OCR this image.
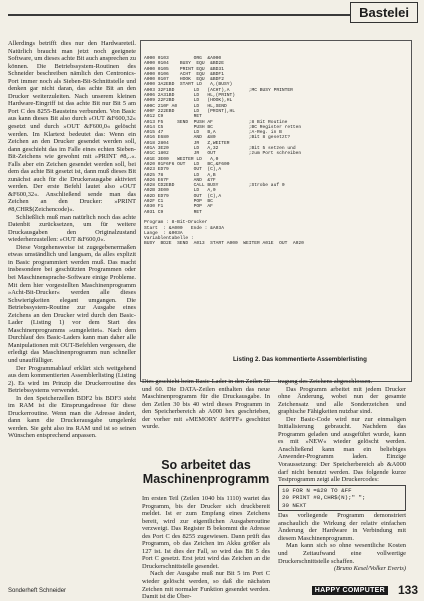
Bastelei

Allerdings betrifft dies nur den Hardwareteil. Natürlich braucht man jetzt noch geeignete Software, um dieses achte Bit auch ansprechen zu können. Die Betriebssystem-Routinen des Schneider beschreiben nämlich den Centronics-Port immer noch als Sieben-Bit-Schnittstelle und denken gar nicht daran, das achte Bit an den Drucker weiterzuleiten. Nach unserem kleinen Hardware-Eingriff ist das achte Bit nur Bit 5 am Port C des 8255-Bausteins verbunden. Von Basic aus kann dieses Bit also durch »OUT &F600,32« gesetzt und durch »OUT &F600,0« gelöscht werden. Im Klartext bedeutet das: Wenn ein Zeichen an den Drucker gesendet werden soll, dann geschieht das im Falle eines echten Sieben-Bit-Zeichens wie gewohnt mit »PRINT #8,..«. Falls aber ein Zeichen gesendet werden soll, bei dem das achte Bit gesetzt ist, dann muß dieses Bit zunächst auch für die Druckerausgabe aktiviert werden. Der erste Befehl lautet also »OUT &F600,32«. Anschließend sende man das Zeichen an den Drucker: »PRINT #8,CHR$(Zeichencode)«.

Schließlich muß man natürlich noch das achte Datenbit zurücksetzen, um für weitere Druckausgaben den Originalzustand wiederherzustellen: »OUT &F600,0«.

Diese Vorgehensweise ist zugegebenermaßen etwas umständlich und langsam, da alles explizit in Basic programmiert werden muß. Das macht insbesondere bei geschützten Programmen oder bei Maschinensprache-Software einige Probleme. Mit dem hier vorgestellten Maschinenprogramm »Acht-Bit-Drucker« werden alle dieses Schwierigkeiten elegant umgangen. Die Betriebssystem-Routine zur Ausgabe eines Zeichens an den Drucker wird durch den Basic-Lader (Listing 1) vor dem Start des Maschinenprogramms »umgeleitet«. Nach dem Durchlauf des Basic-Laders kann man daher alle Manipulationen mit OUT-Befehlen vergessen, die erledigt das Maschinenprogramm nun schneller und unauffälliger.

Der Programmablauf erklärt sich weitgehend aus dem kommentierten Assemblerlisting (Listing 2). Es wird im Prinzip die Druckerroutine des Betriebssystems verwendet.

In den Speicherzellen BDF2 bis BDF3 steht im RAM ist die Einsprungadresse für diese Druckerroutine. Wenn man die Adresse ändert, dann kann die Druckerausgabe umgelenkt werden. Sie geht also ins RAM und ist so seinen Wünschen entsprechend anpassen.

A000 0103         ORG  &A000
A000 0104    BUSY  EQU  &BD2E
A000 0105    PRINT EQU  &BD31
A000 0106    ACHT  EQU  &BDF1
A000 0107    HOOK  EQU  &BDF2
A000 3A2EBD  START LD   A,(BUSY)
A003 32F1BD       LD   (ACHT),A       ;MC BUSY PRINTER
A006 2A31BD       LD   HL,(PRINT)
A009 22F2BD       LD   (HOOK),HL
A00C 210F A0      LD   HL,SEND
A00F 222EBD       LD   (PRINT),HL
A012 C9           RET
A013 F5     SEND  PUSH AF             ;8 Bit Routine
A014 C5           PUSH BC             ;BC Register retten
A015 47           LD   B,A            ;A-Reg. in B
A016 E680         AND  &80            ;Bit 8 gesetzt?
A018 2804         JR   Z,WEITER
A01A 3E20         LD   A,32           ;Bit 5 setzen und
A01C 1802         JR   OUT            ;zum Port schreiben
A01E 3E00   WEITER LD   A,0
A020 01F6F6 OUT   LD   BC,&F600
A023 ED79         OUT  (C),A
A025 78           LD   A,B
A026 E67F         AND  &7F
A028 CD2EBD       CALL BUSY           ;Strobe auf 0
A02B 3E00         LD   A,0
A02D ED79         OUT  (C),A
A02F C1           POP  BC
A030 F1           POP  AF
A031 C9           RET

Program : 8-Bit-Drucker
Start  : &A000   Ende : &A03A
Lange  : &003A
Variablentabelle :
BUSY  BD2E  SEND  A013  START A000  WEITER A01E  OUT  A020
Listing 2. Das kommentierte Assemblerlisting

Dies geschieht beim Basic-Lader in den Zeilen 50 und 60. Die DATA-Zeilen enthalten das neue Maschinenprogramm für die Druckausgabe. In den Zeilen 30 bis 40 wird dieses Programm in den Speicherbereich ab A000 hex geschrieben, der vorher mit »MEMORY &9FFF« geschützt wurde.

So arbeitet das Maschinenprogramm

Im ersten Teil (Zeilen 1040 bis 1110) wartet das Programm, bis der Drucker sich druckbereit meldet. Ist er zum Empfang eines Zeichens bereit, wird zur eigentlichen Ausgaberoutine verzweigt. Das Register B bekommt die Adresse des Port C des 8255 zugewiesen. Dann prüft das Programm, ob das Zeichen im Akku größer als 127 ist. Ist dies der Fall, so wird das Bit 5 des Port C gesetzt. Erst jetzt wird das Zeichen an die Druckerschnittstelle gesendet.

Nach der Ausgabe muß nur Bit 5 im Port C wieder gelöscht werden, so daß die nächsten Zeichen mit normaler Funktion gesendet werden. Damit ist die Über-

tragung des Zeichens abgeschlossen.

Das Programm arbeitet mit jedem Drucker ohne Änderung, wobei nun der gesamte Zeichensatz und alle Sonderzeichen und graphische Fähigkeiten nutzbar sind.

Der Basic-Code wird nur zur einmaligen Initialisierung gebraucht. Nachdem das Programm geladen und ausgeführt wurde, kann es mit »NEW« wieder gelöscht werden. Anschließend kann man ein beliebiges Anwender-Programm laden. Einzige Voraussetzung: Der Speicherbereich ab &A000 darf nicht benutzt werden. Das folgende kurze Testprogramm zeigt alle Druckercodes:

10 FOR N =&20 TO &FF
20 PRINT #8,CHR$(N);" ";
30 NEXT

Das vorliegende Programm demonstriert anschaulich die Wirkung der relativ einfachen Änderung der Hardware in Verbindung mit diesem Maschinenprogramm.

Man kann sich so ohne wesentliche Kosten und Zeitaufwand eine vollwertige Druckerschnittstelle schaffen.

(Bruno Kesel/Volker Everts)

Sonderheft Schneider	HAPPY COMPUTER 133
